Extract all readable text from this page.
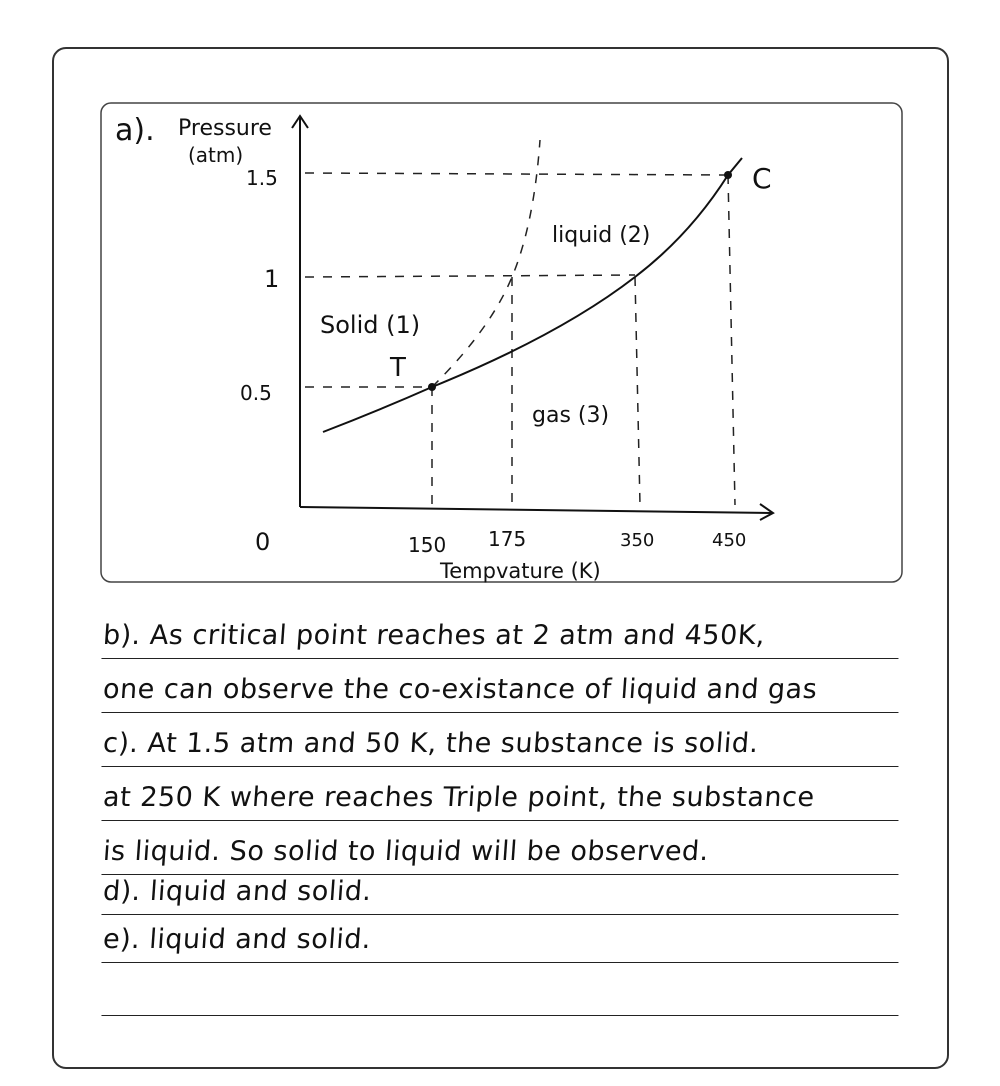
a). Pressure
(atm)
1.5
1
0.5
0	150 175	350	450
Tempvature (K)
Solid (1)
liquid (2)
gas (3)
T
C
b). As critical point reaches at 2 atm and 450K,
one can observe the co-existance of liquid and gas
c). At 1.5 atm and 50 K, the substance is solid.
at 250 K where reaches Triple point, the substance
is liquid. So solid to liquid will be observed.
d). liquid and solid.
e). liquid and solid.
